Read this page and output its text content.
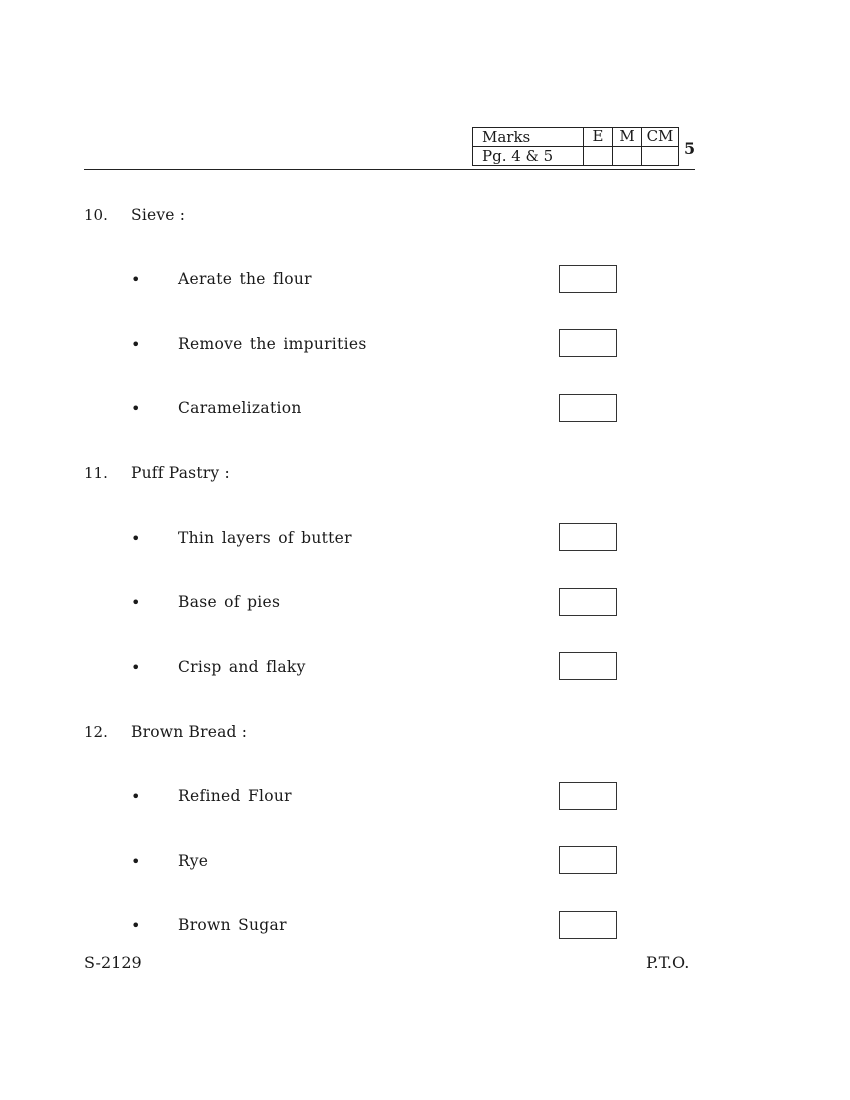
Marks	E	M	CM
Pg. 4 & 5				5
10. Sieve :
• Aerate the flour
• Remove the impurities
• Caramelization
11. Puff Pastry :
• Thin layers of butter
• Base of pies
• Crisp and flaky
12. Brown Bread :
• Refined Flour
• Rye
• Brown Sugar
S-2129	P.T.O.
